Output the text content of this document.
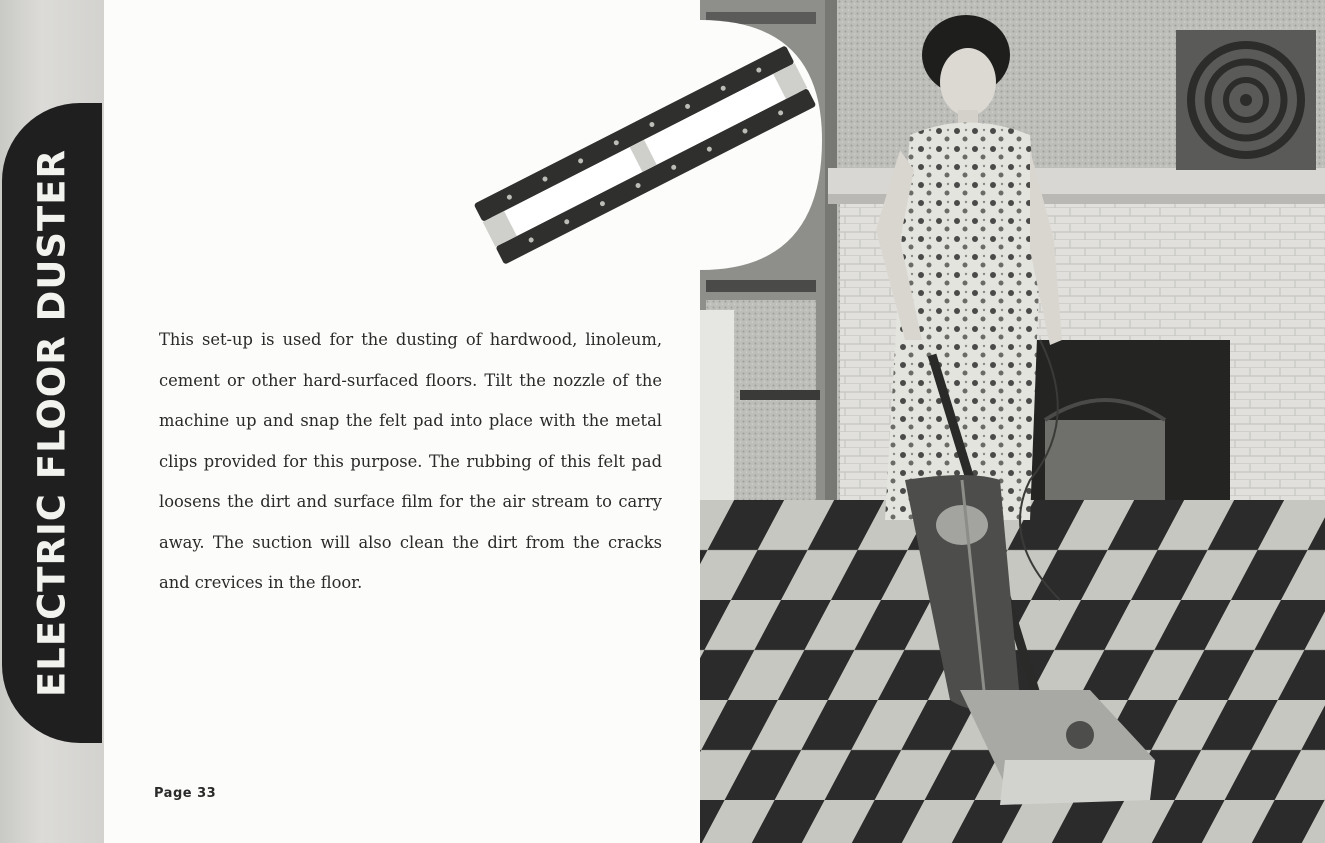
ELECTRIC FLOOR DUSTER	This set-up is used for the dusting of hardwood, linoleum, cement or other hard-surfaced floors. Tilt the nozzle of the machine up and snap the felt pad into place with the metal clips provided for this purpose. The rubbing of this felt pad loosens the dirt and surface film for the air stream to carry away. The suction will also clean the dirt from the cracks and crevices in the floor.

Page 33
